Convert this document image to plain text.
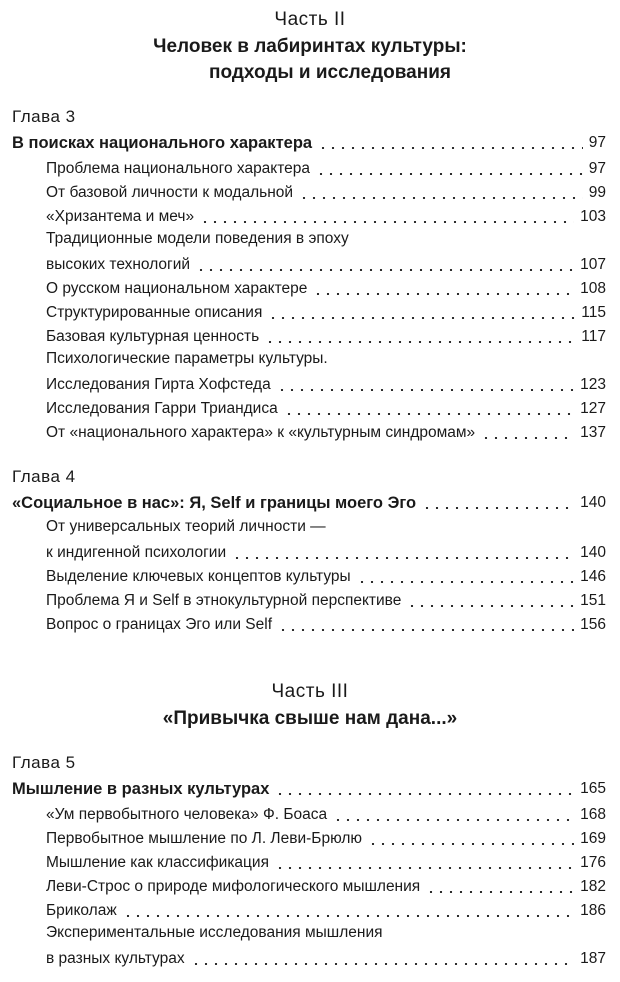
Часть II
Человек в лабиринтах культуры:
подходы и исследования
Глава 3
В поисках национального характера	97
Проблема национального характера	97
От базовой личности к модальной	99
«Хризантема и меч»	103
Традиционные модели поведения в эпоху
высоких технологий	107
О русском национальном характере	108
Структурированные описания	115
Базовая культурная ценность	117
Психологические параметры культуры.
Исследования Гирта Хофстеда	123
Исследования Гарри Триандиса	127
От «национального характера» к «культурным синдромам»	137
Глава 4
«Социальное в нас»: Я, Self и границы моего Эго	140
От универсальных теорий личности —
к индигенной психологии	140
Выделение ключевых концептов культуры	146
Проблема Я и Self в этнокультурной перспективе	151
Вопрос о границах Эго или Self	156
Часть III
«Привычка свыше нам дана...»
Глава 5
Мышление в разных культурах	165
«Ум первобытного человека» Ф. Боаса	168
Первобытное мышление по Л. Леви-Брюлю	169
Мышление как классификация	176
Леви-Строс о природе мифологического мышления	182
Бриколаж	186
Экспериментальные исследования мышления
в разных культурах	187
